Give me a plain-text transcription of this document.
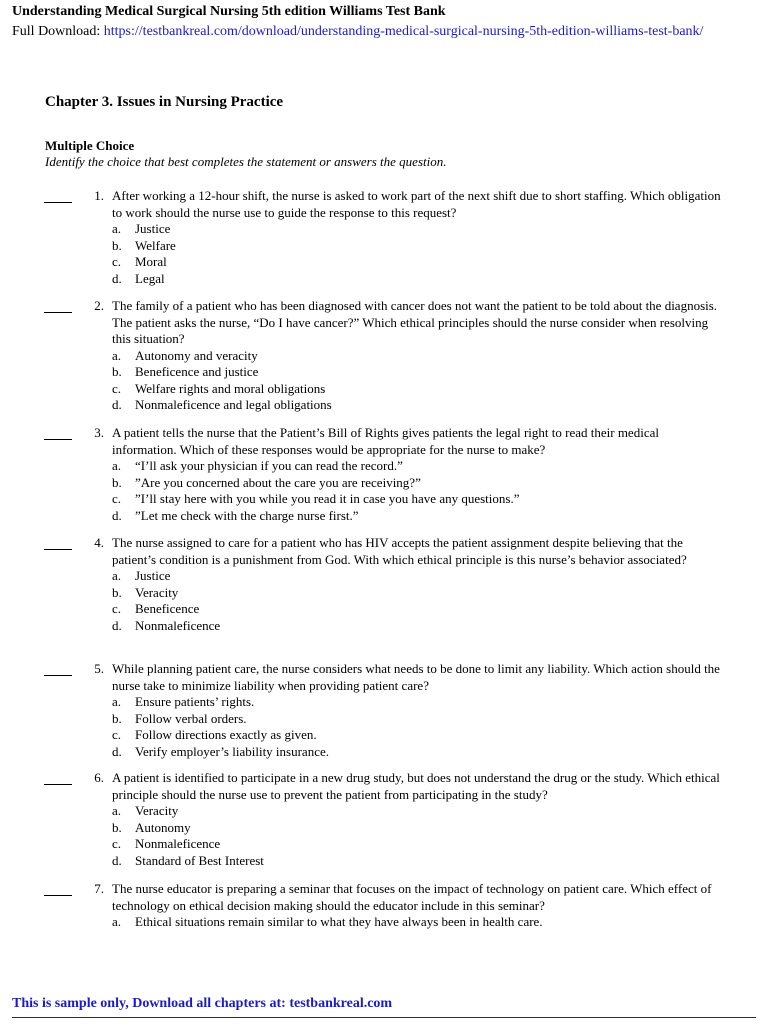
Understanding Medical Surgical Nursing 5th edition Williams Test Bank
Full Download: https://testbankreal.com/download/understanding-medical-surgical-nursing-5th-edition-williams-test-bank/
Chapter 3. Issues in Nursing Practice
Multiple Choice
Identify the choice that best completes the statement or answers the question.
1. After working a 12-hour shift, the nurse is asked to work part of the next shift due to short staffing. Which obligation to work should the nurse use to guide the response to this request?
a. Justice
b. Welfare
c. Moral
d. Legal
2. The family of a patient who has been diagnosed with cancer does not want the patient to be told about the diagnosis. The patient asks the nurse, “Do I have cancer?” Which ethical principles should the nurse consider when resolving this situation?
a. Autonomy and veracity
b. Beneficence and justice
c. Welfare rights and moral obligations
d. Nonmaleficence and legal obligations
3. A patient tells the nurse that the Patient’s Bill of Rights gives patients the legal right to read their medical information. Which of these responses would be appropriate for the nurse to make?
a. “I’ll ask your physician if you can read the record.”
b. ”Are you concerned about the care you are receiving?”
c. ”I’ll stay here with you while you read it in case you have any questions.”
d. ”Let me check with the charge nurse first.”
4. The nurse assigned to care for a patient who has HIV accepts the patient assignment despite believing that the patient’s condition is a punishment from God. With which ethical principle is this nurse’s behavior associated?
a. Justice
b. Veracity
c. Beneficence
d. Nonmaleficence
5. While planning patient care, the nurse considers what needs to be done to limit any liability. Which action should the nurse take to minimize liability when providing patient care?
a. Ensure patients’ rights.
b. Follow verbal orders.
c. Follow directions exactly as given.
d. Verify employer’s liability insurance.
6. A patient is identified to participate in a new drug study, but does not understand the drug or the study. Which ethical principle should the nurse use to prevent the patient from participating in the study?
a. Veracity
b. Autonomy
c. Nonmaleficence
d. Standard of Best Interest
7. The nurse educator is preparing a seminar that focuses on the impact of technology on patient care. Which effect of technology on ethical decision making should the educator include in this seminar?
a. Ethical situations remain similar to what they have always been in health care.
This is sample only, Download all chapters at: testbankreal.com
